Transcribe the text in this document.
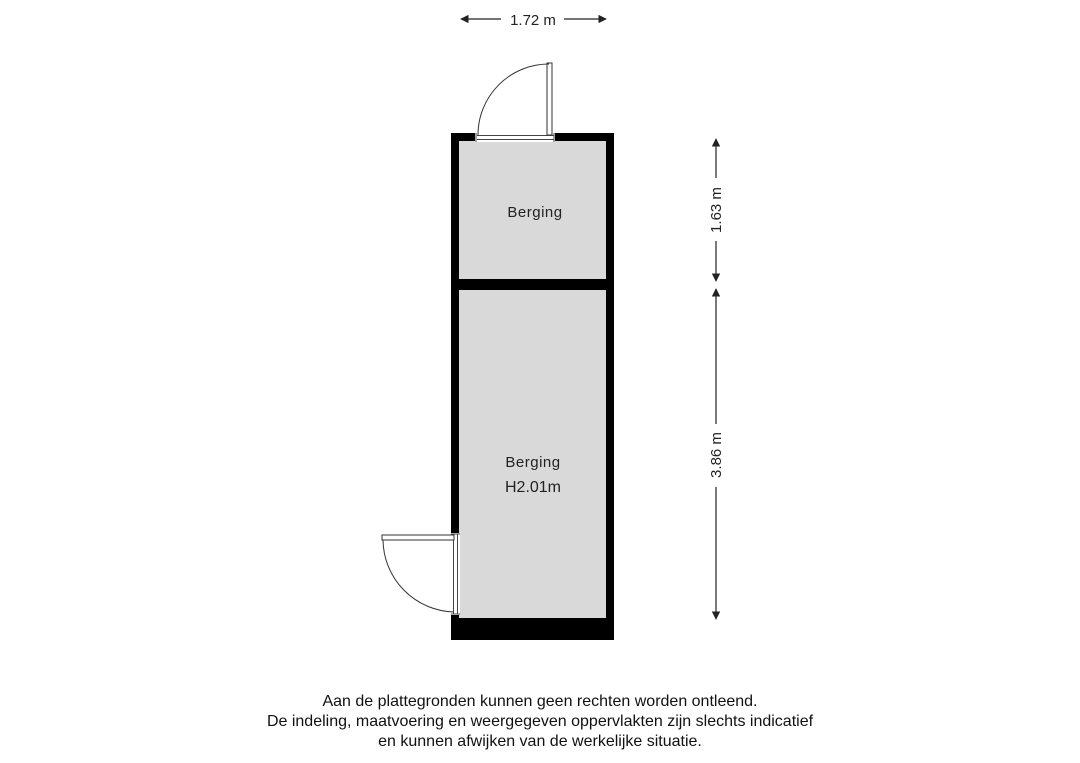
Berging
Berging
H2.01m
1.72 m
1.63 m
3.86 m
Aan de plattegronden kunnen geen rechten worden ontleend.
De indeling, maatvoering en weergegeven oppervlakten zijn slechts indicatief
en kunnen afwijken van de werkelijke situatie.
